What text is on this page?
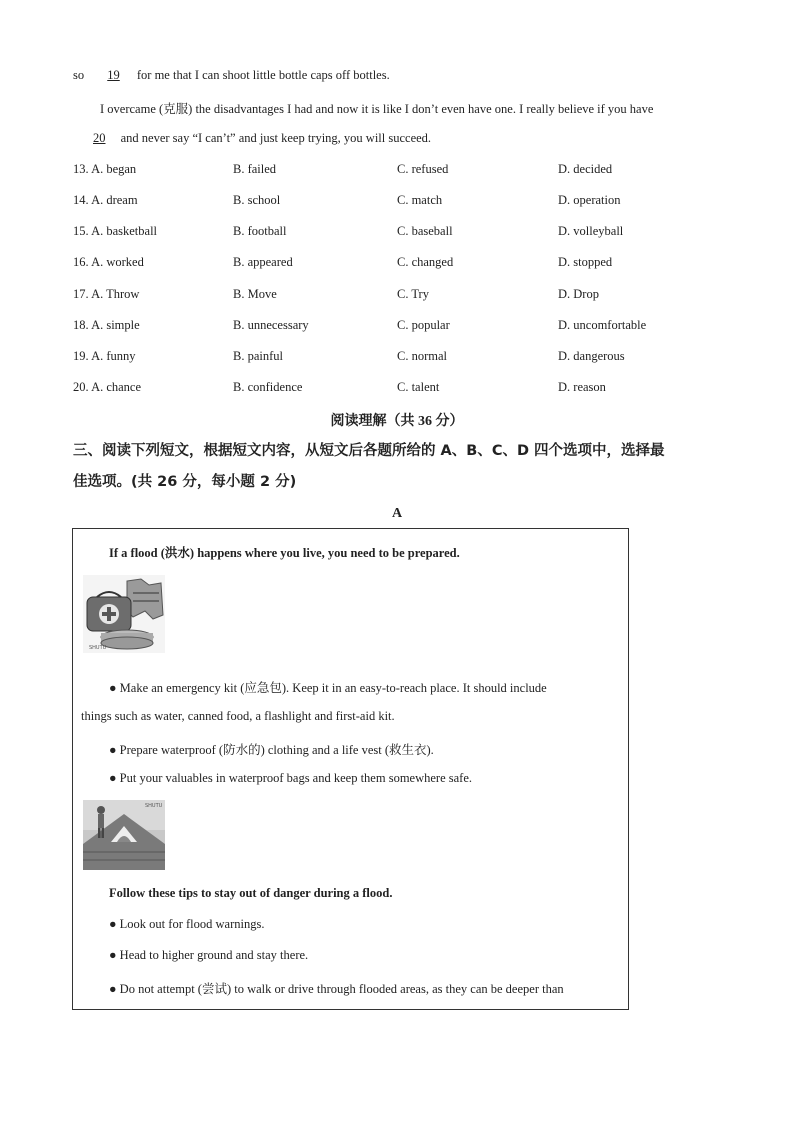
so 19 for me that I can shoot little bottle caps off bottles.
I overcame (克服) the disadvantages I had and now it is like I don’t even have one. I really believe if you have
20 and never say “I can’t” and just keep trying, you will succeed.
13. A. began	B. failed	C. refused	D. decided
14. A. dream	B. school	C. match	D. operation
15. A. basketball	B. football	C. baseball	D. volleyball
16. A. worked	B. appeared	C. changed	D. stopped
17. A. Throw	B. Move	C. Try	D. Drop
18. A. simple	B. unnecessary	C. popular	D. uncomfortable
19. A. funny	B. painful	C. normal	D. dangerous
20. A. chance	B. confidence	C. talent	D. reason
阅读理解（共 36 分）
三、阅读下列短文，根据短文内容，从短文后各题所给的 A、B、C、D 四个选项中，选择最
佳选项。(共 26 分，每小题 2 分)
A
If a flood (洪水) happens where you live, you need to be prepared.
SHUTU
● Make an emergency kit (应急包). Keep it in an easy-to-reach place. It should include
things such as water, canned food, a flashlight and first-aid kit.
● Prepare waterproof (防水的) clothing and a life vest (救生衣).
● Put your valuables in waterproof bags and keep them somewhere safe.
SHUTU
Follow these tips to stay out of danger during a flood.
● Look out for flood warnings.
● Head to higher ground and stay there.
● Do not attempt (尝试) to walk or drive through flooded areas, as they can be deeper than
